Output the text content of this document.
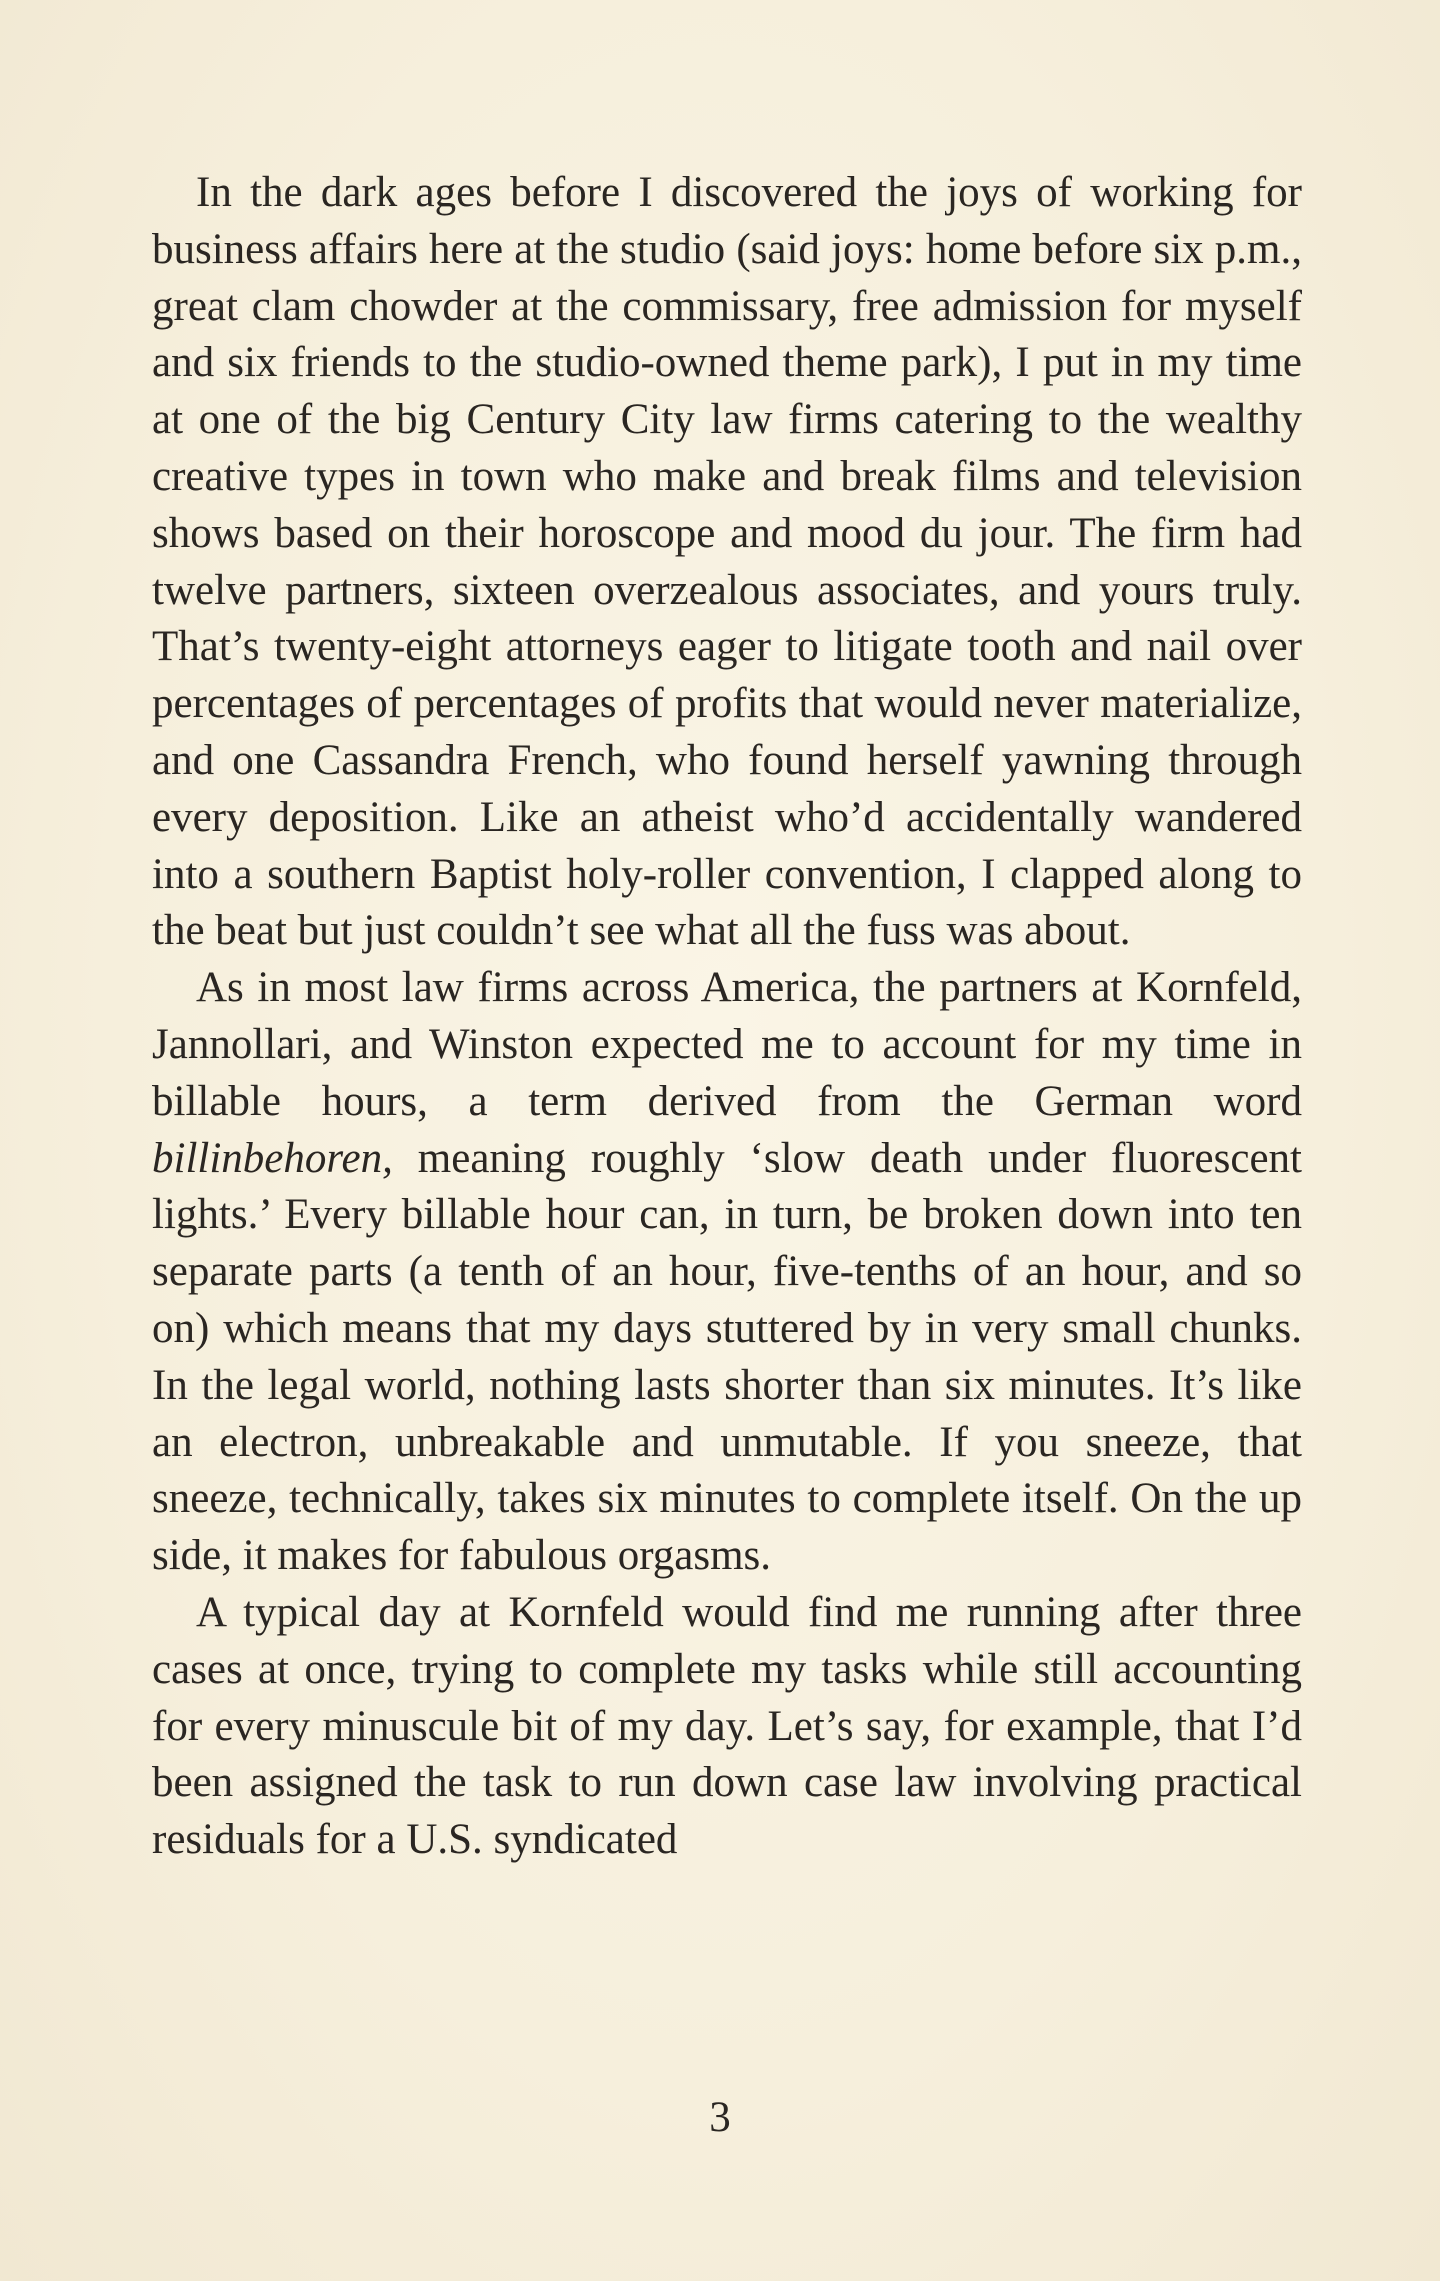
In the dark ages before I discovered the joys of working for business affairs here at the studio (said joys: home before six p.m., great clam chowder at the commissary, free admission for myself and six friends to the studio-owned theme park), I put in my time at one of the big Century City law firms catering to the wealthy creative types in town who make and break films and television shows based on their horoscope and mood du jour. The firm had twelve partners, sixteen overzealous associates, and yours truly. That’s twenty-eight attorneys eager to litigate tooth and nail over percentages of percentages of profits that would never materialize, and one Cassandra French, who found herself yawning through every deposition. Like an atheist who’d accidentally wandered into a southern Baptist holy-roller convention, I clapped along to the beat but just couldn’t see what all the fuss was about.

As in most law firms across America, the partners at Kornfeld, Jannollari, and Winston expected me to account for my time in billable hours, a term derived from the German word billinbehoren, meaning roughly ‘slow death under fluorescent lights.’ Every billable hour can, in turn, be broken down into ten separate parts (a tenth of an hour, five-tenths of an hour, and so on) which means that my days stuttered by in very small chunks. In the legal world, nothing lasts shorter than six minutes. It’s like an electron, unbreakable and unmutable. If you sneeze, that sneeze, technically, takes six minutes to complete itself. On the up side, it makes for fabulous orgasms.

A typical day at Kornfeld would find me running after three cases at once, trying to complete my tasks while still accounting for every minuscule bit of my day. Let’s say, for example, that I’d been assigned the task to run down case law involving practical residuals for a U.S. syndicated

3
